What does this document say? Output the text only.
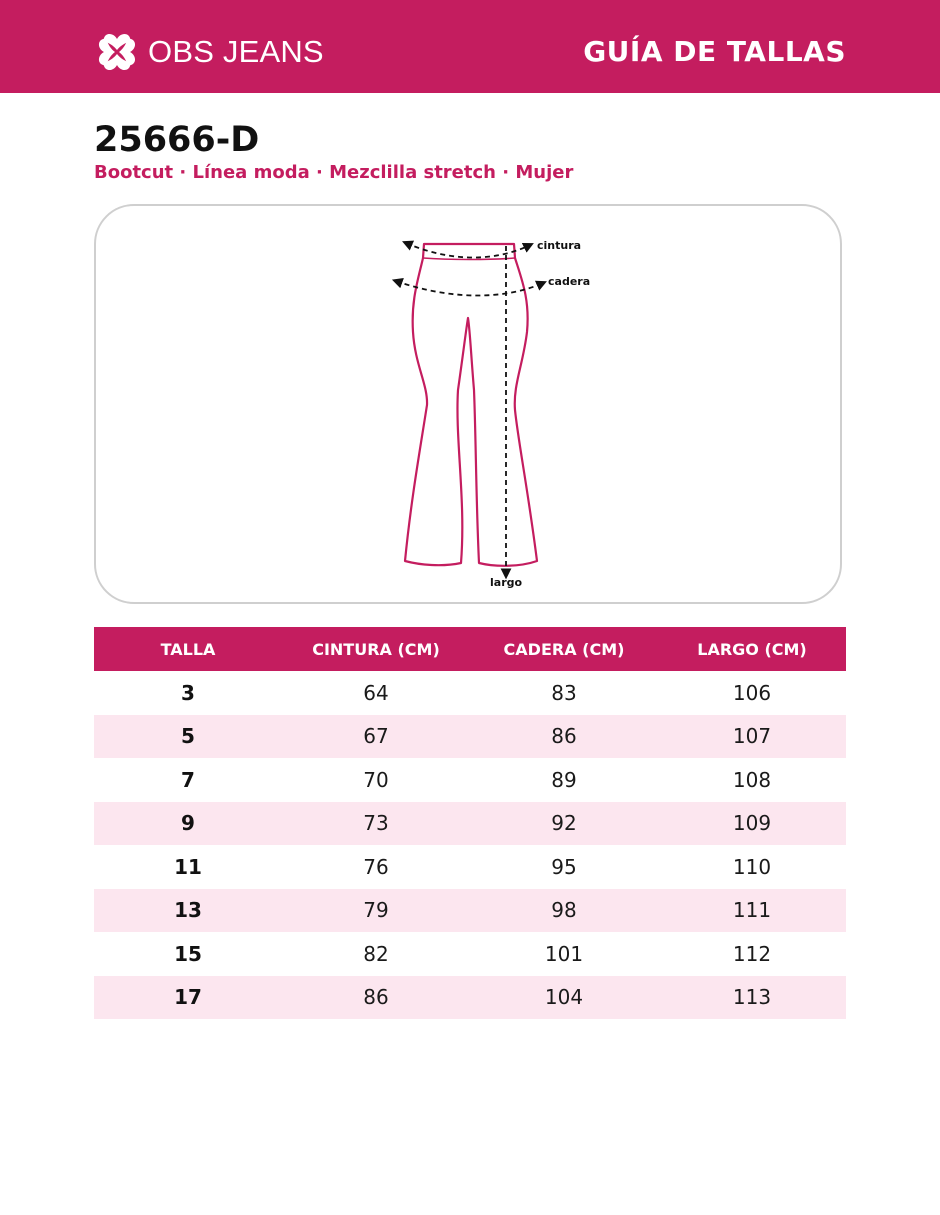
OBS JEANS	GUÍA DE TALLAS
25666-D
Bootcut · Línea moda · Mezclilla stretch · Mujer
cintura
cadera
largo
TALLA	CINTURA (CM)	CADERA (CM)	LARGO (CM)
3	64	83	106
5	67	86	107
7	70	89	108
9	73	92	109
11	76	95	110
13	79	98	111
15	82	101	112
17	86	104	113
